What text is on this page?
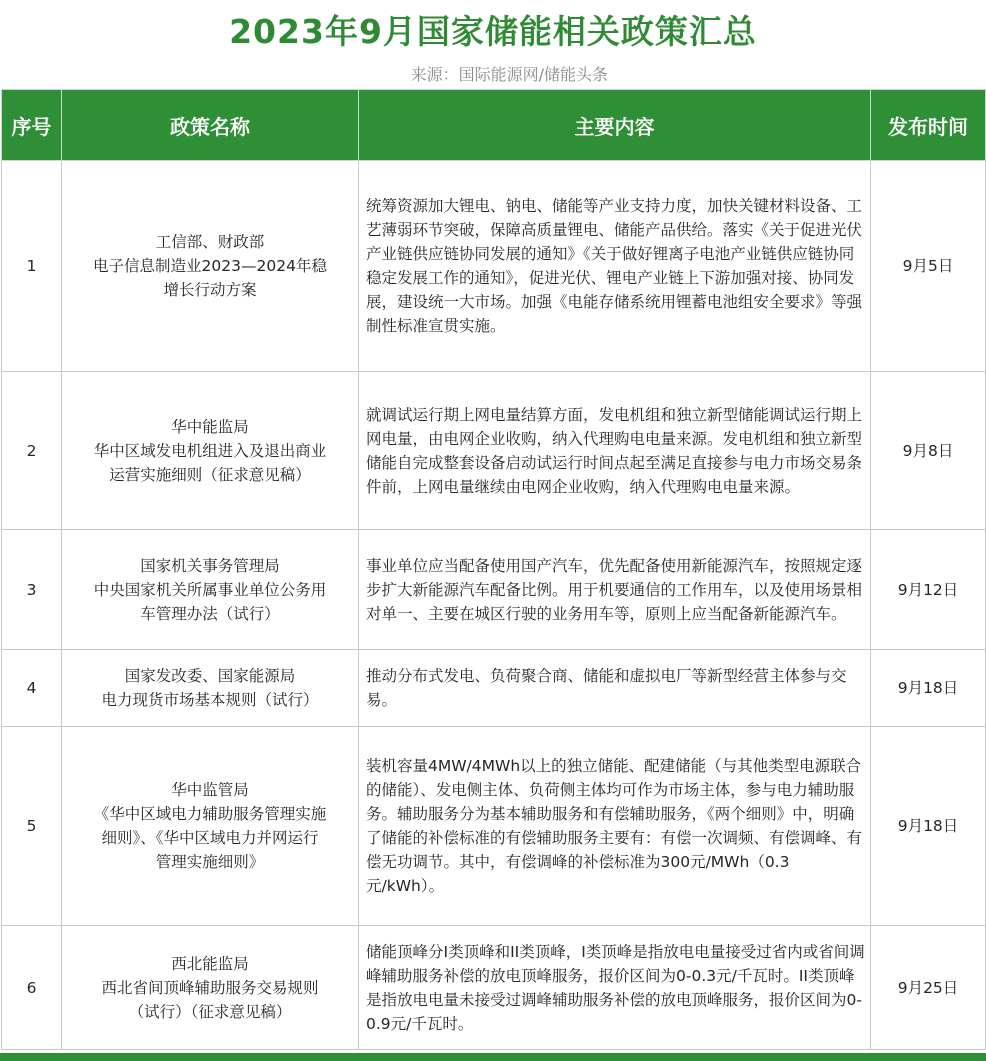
2023年9月国家储能相关政策汇总
来源：国际能源网/储能头条
序号	政策名称	主要内容	发布时间
1	工信部、财政部
电子信息制造业2023—2024年稳
增长行动方案	统筹资源加大锂电、钠电、储能等产业支持力度，加快关键材料设备、工艺薄弱环节突破，保障高质量锂电、储能产品供给。落实《关于促进光伏产业链供应链协同发展的通知》《关于做好锂离子电池产业链供应链协同稳定发展工作的通知》，促进光伏、锂电产业链上下游加强对接、协同发展，建设统一大市场。加强《电能存储系统用锂蓄电池组安全要求》等强制性标准宣贯实施。	9月5日
2	华中能监局
华中区域发电机组进入及退出商业
运营实施细则（征求意见稿）	就调试运行期上网电量结算方面，发电机组和独立新型储能调试运行期上网电量，由电网企业收购，纳入代理购电电量来源。发电机组和独立新型储能自完成整套设备启动试运行时间点起至满足直接参与电力市场交易条件前，上网电量继续由电网企业收购，纳入代理购电电量来源。	9月8日
3	国家机关事务管理局
中央国家机关所属事业单位公务用
车管理办法（试行）	事业单位应当配备使用国产汽车，优先配备使用新能源汽车，按照规定逐步扩大新能源汽车配备比例。用于机要通信的工作用车，以及使用场景相对单一、主要在城区行驶的业务用车等，原则上应当配备新能源汽车。	9月12日
4	国家发改委、国家能源局
电力现货市场基本规则（试行）	推动分布式发电、负荷聚合商、储能和虚拟电厂等新型经营主体参与交易。	9月18日
5	华中监管局
《华中区域电力辅助服务管理实施
细则》、《华中区域电力并网运行
管理实施细则》	装机容量4MW/4MWh以上的独立储能、配建储能（与其他类型电源联合的储能）、发电侧主体、负荷侧主体均可作为市场主体，参与电力辅助服务。辅助服务分为基本辅助服务和有偿辅助服务，《两个细则》中，明确了储能的补偿标准的有偿辅助服务主要有：有偿一次调频、有偿调峰、有偿无功调节。其中，有偿调峰的补偿标准为300元/MWh（0.3元/kWh）。	9月18日
6	西北能监局
西北省间顶峰辅助服务交易规则
（试行）（征求意见稿）	储能顶峰分I类顶峰和II类顶峰，I类顶峰是指放电电量接受过省内或省间调峰辅助服务补偿的放电顶峰服务，报价区间为0-0.3元/千瓦时。II类顶峰是指放电电量未接受过调峰辅助服务补偿的放电顶峰服务，报价区间为0-0.9元/千瓦时。	9月25日
